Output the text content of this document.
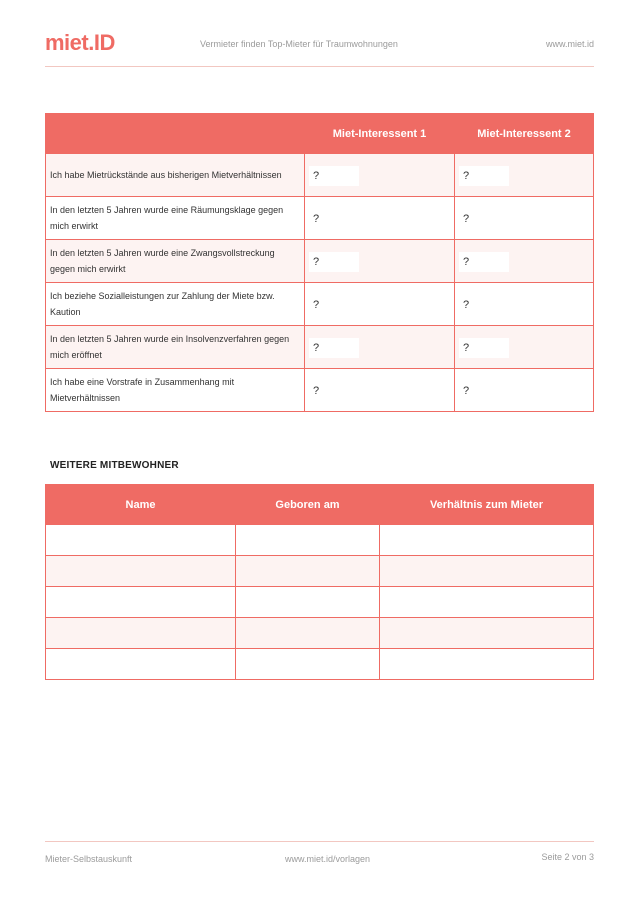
miet.ID	Vermieter finden Top-Mieter für Traumwohnungen	www.miet.id
	Miet-Interessent 1	Miet-Interessent 2
Ich habe Mietrückstände aus bisherigen Mietverhältnissen	?	?

In den letzten 5 Jahren wurde eine Räumungsklage gegen mich erwirkt	?	?

In den letzten 5 Jahren wurde eine Zwangsvollstreckung gegen mich erwirkt	?	?

Ich beziehe Sozialleistungen zur Zahlung der Miete bzw. Kaution	?	?

In den letzten 5 Jahren wurde ein Insolvenzverfahren gegen mich eröffnet	?	?

Ich habe eine Vorstrafe in Zusammenhang mit Mietverhältnissen	?	?
WEITERE MITBEWOHNER
Name	Geboren am	Verhältnis zum Mieter

Mieter-Selbstauskunft	www.miet.id/vorlagen	Seite 2 von 3
